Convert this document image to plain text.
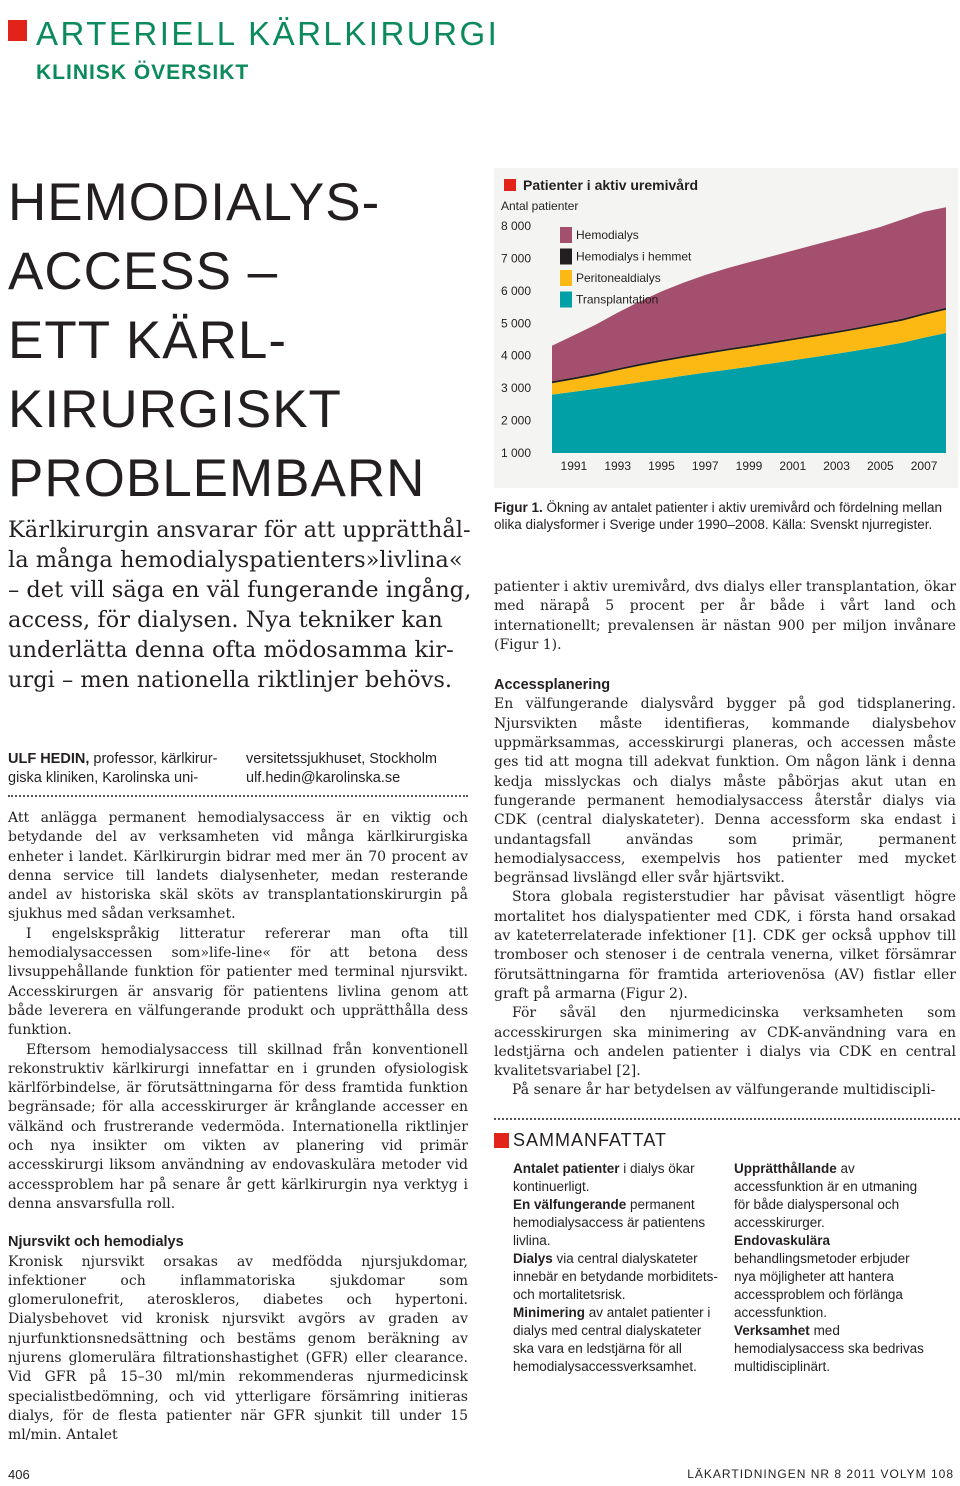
ARTERIELL KÄRLKIRURGI
KLINISK ÖVERSIKT
HEMODIALYS-
ACCESS –
ETT KÄRL-
KIRURGISKT
PROBLEMBARN
Kärlkirurgin ansvarar för att upprätthål-
la många hemodialyspatienters»livlina«
– det vill säga en väl fungerande ingång,
access, för dialysen. Nya tekniker kan
underlätta denna ofta mödosamma kir-
urgi – men nationella riktlinjer behövs.
ULF HEDIN, professor, kärlkirur-
giska kliniken, Karolinska uni-
versitetssjukhuset, Stockholm
ulf.hedin@karolinska.se

Att anlägga permanent hemodialysaccess är en viktig och betydande del av verksamheten vid många kärlkirurgiska enheter i landet. Kärlkirurgin bidrar med mer än 70 procent av denna service till landets dialysenheter, medan resterande andel av historiska skäl sköts av transplantationskirurgin på sjukhus med sådan verksamhet.

I engelskspråkig litteratur refererar man ofta till hemodialysaccessen som»life-line« för att betona dess livsuppehållande funktion för patienter med terminal njursvikt. Accesskirurgen är ansvarig för patientens livlina genom att både leverera en välfungerande produkt och upprätthålla dess funktion.

Eftersom hemodialysaccess till skillnad från konventionell rekonstruktiv kärlkirurgi innefattar en i grunden ofysiologisk kärlförbindelse, är förutsättningarna för dess framtida funktion begränsade; för alla accesskirurger är krånglande accesser en välkänd och frustrerande vedermöda. Internationella riktlinjer och nya insikter om vikten av planering vid primär accesskirurgi liksom användning av endovaskulära metoder vid accessproblem har på senare år gett kärlkirurgin nya verktyg i denna ansvarsfulla roll.

Njursvikt och hemodialys

Kronisk njursvikt orsakas av medfödda njursjukdomar, infektioner och inflammatoriska sjukdomar som glomerulonefrit, ateroskleros, diabetes och hypertoni. Dialysbehovet vid kronisk njursvikt avgörs av graden av njurfunktionsnedsättning och bestäms genom beräkning av njurens glomerulära filtrationshastighet (GFR) eller clearance. Vid GFR på 15–30 ml/min rekommenderas njurmedicinsk specialistbedömning, och vid ytterligare försämring initieras dialys, för de flesta patienter när GFR sjunkit till under 15 ml/min. Antalet

Patienter i aktiv uremivård
Antal patienter
1 000
2 000
3 000
4 000
5 000
6 000
7 000
8 000
1991 1993 1995 1997 1999 2001 2003 2005 2007
Hemodialys
Hemodialys i hemmet
Peritonealdialys
Transplantation
Figur 1. Ökning av antalet patienter i aktiv uremivård och fördelning mellan olika dialysformer i Sverige under 1990–2008. Källa: Svenskt njurregister.

patienter i aktiv uremivård, dvs dialys eller transplantation, ökar med närapå 5 procent per år både i vårt land och internationellt; prevalensen är nästan 900 per miljon invånare (Figur 1).

Accessplanering

En välfungerande dialysvård bygger på god tidsplanering. Njursvikten måste identifieras, kommande dialysbehov uppmärksammas, accesskirurgi planeras, och accessen måste ges tid att mogna till adekvat funktion. Om någon länk i denna kedja misslyckas och dialys måste påbörjas akut utan en fungerande permanent hemodialysaccess återstår dialys via CDK (central dialyskateter). Denna accessform ska endast i undantagsfall användas som primär, permanent hemodialysaccess, exempelvis hos patienter med mycket begränsad livslängd eller svår hjärtsvikt.

Stora globala registerstudier har påvisat väsentligt högre mortalitet hos dialyspatienter med CDK, i första hand orsakad av kateterrelaterade infektioner [1]. CDK ger också upphov till tromboser och stenoser i de centrala venerna, vilket försämrar förutsättningarna för framtida arteriovenösa (AV) fistlar eller graft på armarna (Figur 2).

För såväl den njurmedicinska verksamheten som accesskirurgen ska minimering av CDK-användning vara en ledstjärna och andelen patienter i dialys via CDK en central kvalitetsvariabel [2].

På senare år har betydelsen av välfungerande multidiscipli-

SAMMANFATTAT

Antalet patienter i dialys ökar kontinuerligt.

En välfungerande permanent hemodialysaccess är patientens livlina.

Dialys via central dialyskateter innebär en betydande morbiditets- och mortalitetsrisk.

Minimering av antalet patienter i dialys med central dialyskateter ska vara en ledstjärna för all hemodialysaccessverksamhet.

Upprätthållande av accessfunktion är en utmaning för både dialyspersonal och accesskirurger.

Endovaskulära behandlingsmetoder erbjuder nya möjligheter att hantera accessproblem och förlänga accessfunktion.

Verksamhet med hemodialysaccess ska bedrivas multidisciplinärt.

406	LÄKARTIDNINGEN NR 8 2011 VOLYM 108
